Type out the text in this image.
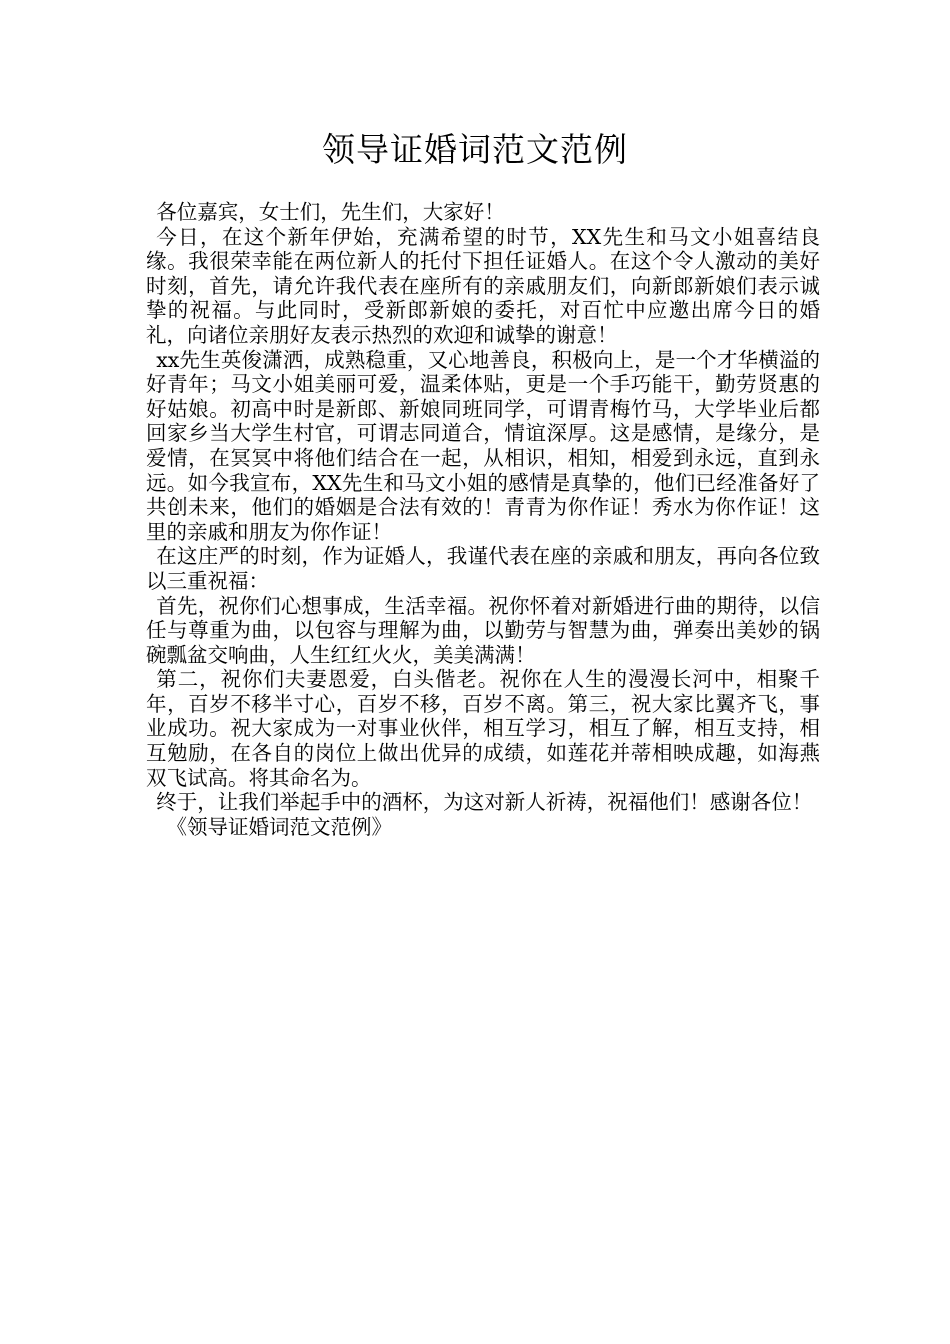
领导证婚词范文范例

各位嘉宾，女士们，先生们，大家好！

今日，在这个新年伊始，充满希望的时节，XX先生和马文小姐喜结良缘。我很荣幸能在两位新人的托付下担任证婚人。在这个令人激动的美好时刻，首先，请允许我代表在座所有的亲戚朋友们，向新郎新娘们表示诚挚的祝福。与此同时，受新郎新娘的委托，对百忙中应邀出席今日的婚礼，向诸位亲朋好友表示热烈的欢迎和诚挚的谢意！

xx先生英俊潇洒，成熟稳重，又心地善良，积极向上，是一个才华横溢的好青年；马文小姐美丽可爱，温柔体贴，更是一个手巧能干，勤劳贤惠的好姑娘。初高中时是新郎、新娘同班同学，可谓青梅竹马，大学毕业后都回家乡当大学生村官，可谓志同道合，情谊深厚。这是感情，是缘分，是爱情，在冥冥中将他们结合在一起，从相识，相知，相爱到永远，直到永远。如今我宣布，XX先生和马文小姐的感情是真挚的，他们已经准备好了共创未来，他们的婚姻是合法有效的！青青为你作证！秀水为你作证！这里的亲戚和朋友为你作证！

在这庄严的时刻，作为证婚人，我谨代表在座的亲戚和朋友，再向各位致以三重祝福：

首先，祝你们心想事成，生活幸福。祝你怀着对新婚进行曲的期待，以信任与尊重为曲，以包容与理解为曲，以勤劳与智慧为曲，弹奏出美妙的锅碗瓢盆交响曲，人生红红火火，美美满满！

第二，祝你们夫妻恩爱，白头偕老。祝你在人生的漫漫长河中，相聚千年，百岁不移半寸心，百岁不移，百岁不离。第三，祝大家比翼齐飞，事业成功。祝大家成为一对事业伙伴，相互学习，相互了解，相互支持，相互勉励，在各自的岗位上做出优异的成绩，如莲花并蒂相映成趣，如海燕双飞试高。将其命名为。

终于，让我们举起手中的酒杯，为这对新人祈祷，祝福他们！感谢各位！

《领导证婚词范文范例》
